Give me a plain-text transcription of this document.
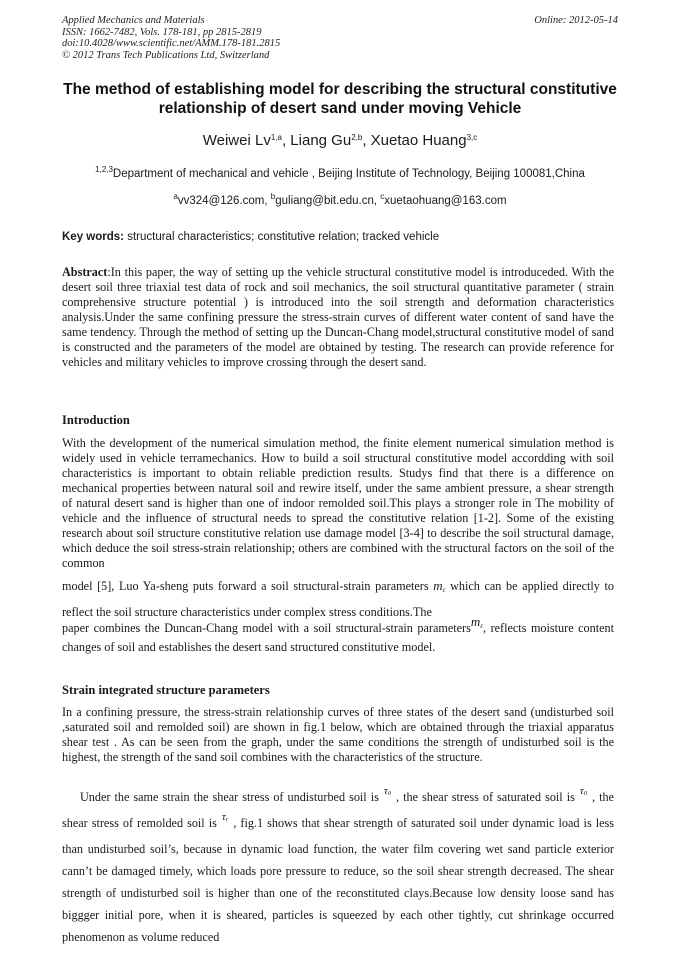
Applied Mechanics and Materials
ISSN: 1662-7482, Vols. 178-181, pp 2815-2819
doi:10.4028/www.scientific.net/AMM.178-181.2815
© 2012 Trans Tech Publications Ltd, Switzerland
Online: 2012-05-14
The method of establishing model for describing the structural constitutive relationship of desert sand under moving Vehicle
Weiwei Lv$^{1,a}$, Liang Gu$^{2,b}$, Xuetao Huang$^{3,c}$
$^{1,2,3}$Department of mechanical and vehicle , Beijing Institute of Technology, Beijing 100081,China
$^a$vv324@126.com, $^b$guliang@bit.edu.cn, $^c$xuetaohuang@163.com
Key words: structural characteristics; constitutive relation; tracked vehicle
Abstract:In this paper, the way of setting up the vehicle structural constitutive model is introduceded. With the desert soil three triaxial test data of rock and soil mechanics, the soil structural quantitative parameter ( strain comprehensive structure potential ) is introduced into the soil strength and deformation characteristics analysis.Under the same confining pressure the stress-strain curves of different water content of sand have the same tendency. Through the method of setting up the Duncan-Chang model,structural constitutive model of sand is constructed and the parameters of the model are obtained by testing. The research can provide reference for vehicles and military vehicles to improve crossing through the desert sand.
Introduction
With the development of the numerical simulation method, the finite element numerical simulation method is widely used in vehicle terramechanics. How to build a soil structural constitutive model accordding with soil characteristics is important to obtain reliable prediction results. Studys find that there is a difference on mechanical properties between natural soil and rewire itself, under the same ambient pressure, a shear strength of natural desert sand is higher than one of indoor remolded soil.This plays a stronger role in The mobility of vehicle and the influence of structural needs to spread the constitutive relation [1-2]. Some of the existing research about soil structure constitutive relation use damage model [3-4] to describe the soil structural damage, which deduce the soil stress-strain relationship; others are combined with the structural factors on the soil of the common
model [5], Luo Ya-sheng puts forward a soil structural-strain parameters $m_\varepsilon$ which can be applied directly to reflect the soil structure characteristics under complex stress conditions.The
paper combines the Duncan-Chang model with a soil structural-strain parametersm$_\varepsilon$, reflects moisture content changes of soil and establishes the desert sand structured constitutive model.
Strain integrated structure parameters
In a confining pressure, the stress-strain relationship curves of three states of the desert sand (undisturbed soil ,saturated soil and remolded soil) are shown in fig.1 below, which are obtained through the triaxial apparatus shear test . As can be seen from the graph, under the same conditions the strength of undisturbed soil is the highest, the strength of the sand soil combines with the characteristics of the structure.
Under the same strain the shear stress of undisturbed soil is $\tau_0$ , the shear stress of saturated soil is $\tau_0$ , the shear stress of remolded soil is $\tau_r$ , fig.1 shows that shear strength of saturated soil under dynamic load is less than undisturbed soil’s, because in dynamic load function, the water film covering wet sand particle exterior cann’t be damaged timely, which loads pore pressure to reduce, so the soil shear strength decreased. The shear strength of undisturbed soil is higher than one of the reconstituted clays.Because low density loose sand has biggger initial pore, when it is sheared, particles is squeezed by each other tightly, cut shrinkage occurred phenomenon as volume reduced
